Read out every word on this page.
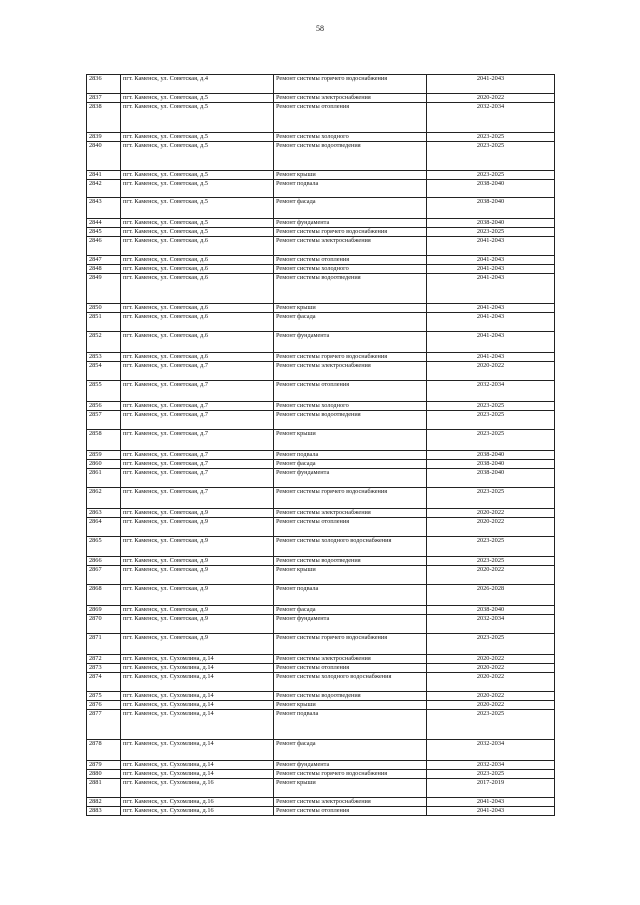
58
2836	пгт. Каменск, ул. Советская, д.4	Ремонт системы горячего водоснабжения	2041-2043
2837	пгт. Каменск, ул. Советская, д.5	Ремонт системы электроснабжения	2020-2022
2838	пгт. Каменск, ул. Советская, д.5	Ремонт системы отопления	2032-2034
2839	пгт. Каменск, ул. Советская, д.5	Ремонт системы холодного	2023-2025
2840	пгт. Каменск, ул. Советская, д.5	Ремонт системы водоотведения	2023-2025
2841	пгт. Каменск, ул. Советская, д.5	Ремонт крыши	2023-2025
2842	пгт. Каменск, ул. Советская, д.5	Ремонт подвала	2038-2040
2843	пгт. Каменск, ул. Советская, д.5	Ремонт фасада	2038-2040
2844	пгт. Каменск, ул. Советская, д.5	Ремонт фундамента	2038-2040
2845	пгт. Каменск, ул. Советская, д.5	Ремонт системы горячего водоснабжения	2023-2025
2846	пгт. Каменск, ул. Советская, д.6	Ремонт системы электроснабжения	2041-2043
2847	пгт. Каменск, ул. Советская, д.6	Ремонт системы отопления	2041-2043
2848	пгт. Каменск, ул. Советская, д.6	Ремонт системы холодного	2041-2043
2849	пгт. Каменск, ул. Советская, д.6	Ремонт системы водоотведения	2041-2043
2850	пгт. Каменск, ул. Советская, д.6	Ремонт крыши	2041-2043
2851	пгт. Каменск, ул. Советская, д.6	Ремонт фасада	2041-2043
2852	пгт. Каменск, ул. Советская, д.6	Ремонт фундамента	2041-2043
2853	пгт. Каменск, ул. Советская, д.6	Ремонт системы горячего водоснабжения	2041-2043
2854	пгт. Каменск, ул. Советская, д.7	Ремонт системы электроснабжения	2020-2022
2855	пгт. Каменск, ул. Советская, д.7	Ремонт системы отопления	2032-2034
2856	пгт. Каменск, ул. Советская, д.7	Ремонт системы холодного	2023-2025
2857	пгт. Каменск, ул. Советская, д.7	Ремонт системы водоотведения	2023-2025
2858	пгт. Каменск, ул. Советская, д.7	Ремонт крыши	2023-2025
2859	пгт. Каменск, ул. Советская, д.7	Ремонт подвала	2038-2040
2860	пгт. Каменск, ул. Советская, д.7	Ремонт фасада	2038-2040
2861	пгт. Каменск, ул. Советская, д.7	Ремонт фундамента	2038-2040
2862	пгт. Каменск, ул. Советская, д.7	Ремонт системы горячего водоснабжения	2023-2025
2863	пгт. Каменск, ул. Советская, д.9	Ремонт системы электроснабжения	2020-2022
2864	пгт. Каменск, ул. Советская, д.9	Ремонт системы отопления	2020-2022
2865	пгт. Каменск, ул. Советская, д.9	Ремонт системы холодного водоснабжения	2023-2025
2866	пгт. Каменск, ул. Советская, д.9	Ремонт системы водоотведения	2023-2025
2867	пгт. Каменск, ул. Советская, д.9	Ремонт крыши	2020-2022
2868	пгт. Каменск, ул. Советская, д.9	Ремонт подвала	2026-2028
2869	пгт. Каменск, ул. Советская, д.9	Ремонт фасада	2038-2040
2870	пгт. Каменск, ул. Советская, д.9	Ремонт фундамента	2032-2034
2871	пгт. Каменск, ул. Советская, д.9	Ремонт системы горячего водоснабжения	2023-2025
2872	пгт. Каменск, ул. Сухомлина, д.14	Ремонт системы электроснабжения	2020-2022
2873	пгт. Каменск, ул. Сухомлина, д.14	Ремонт системы отопления	2020-2022
2874	пгт. Каменск, ул. Сухомлина, д.14	Ремонт системы холодного водоснабжения	2020-2022
2875	пгт. Каменск, ул. Сухомлина, д.14	Ремонт системы водоотведения	2020-2022
2876	пгт. Каменск, ул. Сухомлина, д.14	Ремонт крыши	2020-2022
2877	пгт. Каменск, ул. Сухомлина, д.14	Ремонт подвала	2023-2025
2878	пгт. Каменск, ул. Сухомлина, д.14	Ремонт фасада	2032-2034
2879	пгт. Каменск, ул. Сухомлина, д.14	Ремонт фундамента	2032-2034
2880	пгт. Каменск, ул. Сухомлина, д.14	Ремонт системы горячего водоснабжения	2023-2025
2881	пгт. Каменск, ул. Сухомлина, д.16	Ремонт крыши	2017-2019
2882	пгт. Каменск, ул. Сухомлина, д.16	Ремонт системы электроснабжения	2041-2043
2883	пгт. Каменск, ул. Сухомлина, д.16	Ремонт системы отопления	2041-2043
